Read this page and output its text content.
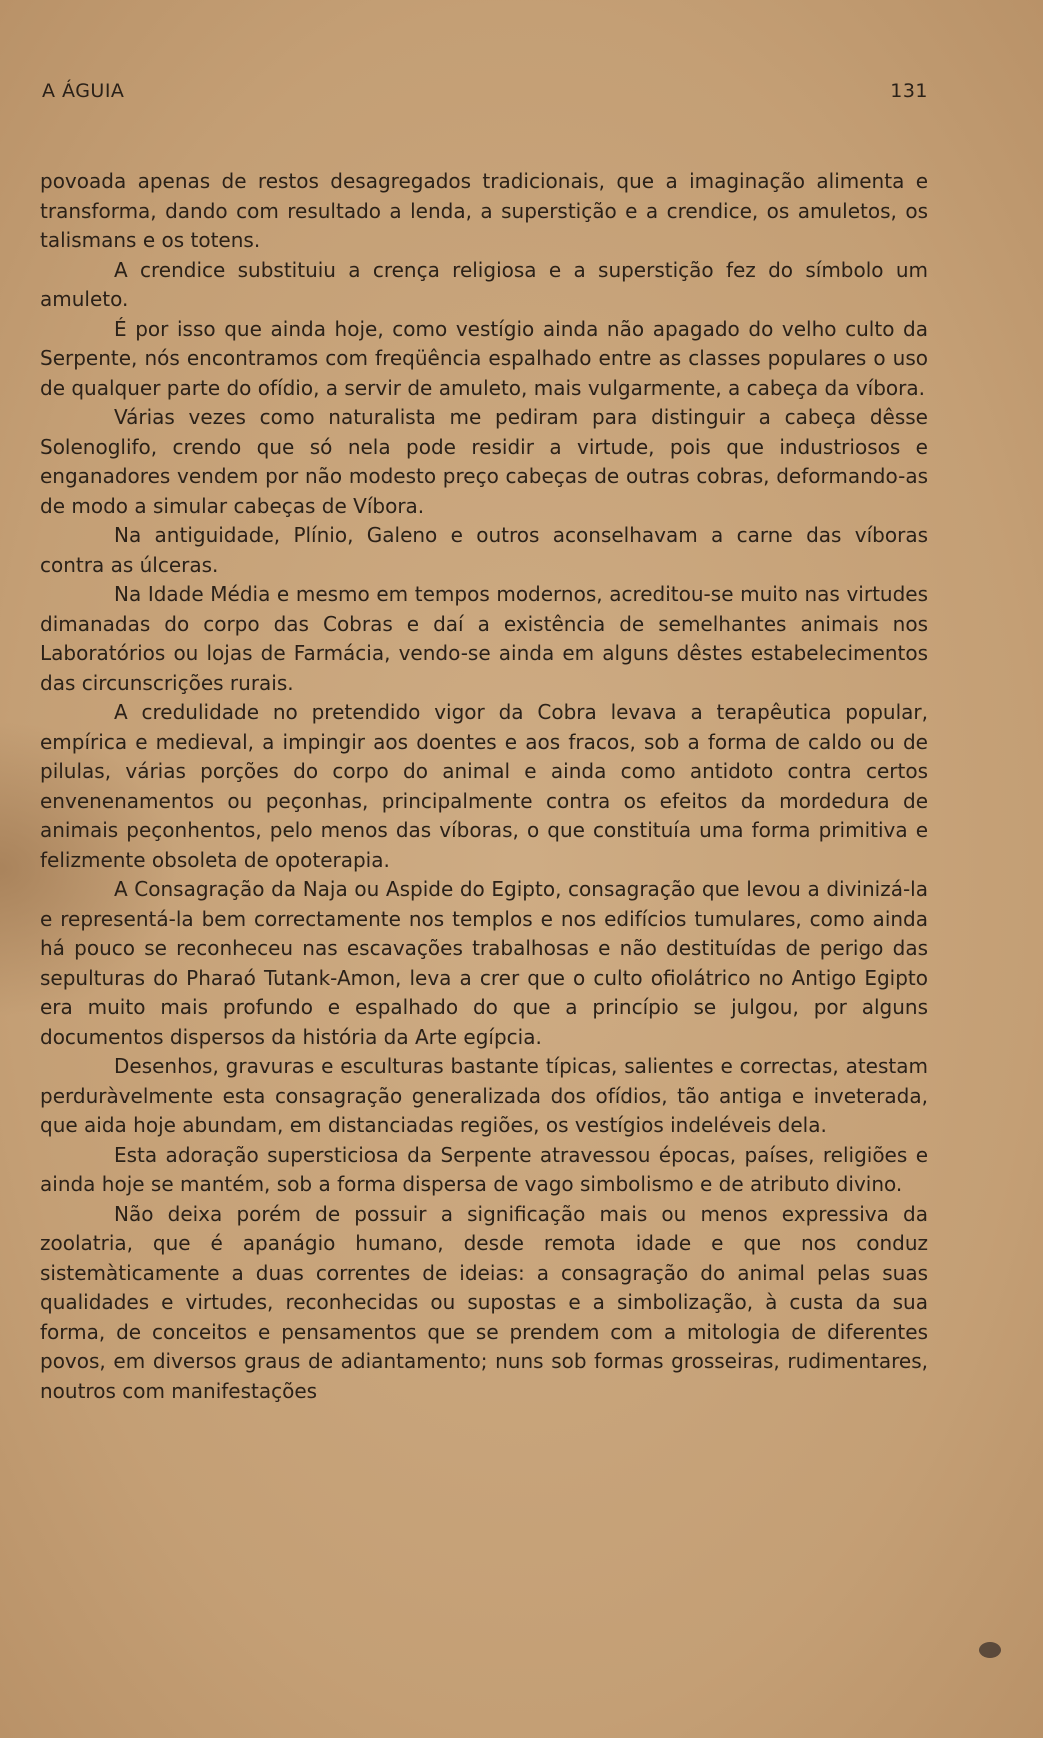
A ÁGUIA	131

povoada apenas de restos desagregados tradicionais, que a imaginação alimenta e transforma, dando com resultado a lenda, a superstição e a crendice, os amuletos, os talismans e os totens.

A crendice substituiu a crença religiosa e a superstição fez do símbolo um amuleto.

É por isso que ainda hoje, como vestígio ainda não apagado do velho culto da Serpente, nós encontramos com freqüência espalhado entre as classes populares o uso de qualquer parte do ofídio, a servir de amuleto, mais vulgarmente, a cabeça da víbora.

Várias vezes como naturalista me pediram para distinguir a cabeça dêsse Solenoglifo, crendo que só nela pode residir a virtude, pois que industriosos e enganadores vendem por não modesto preço cabeças de outras cobras, deformando-as de modo a simular cabeças de Víbora.

Na antiguidade, Plínio, Galeno e outros aconselhavam a carne das víboras contra as úlceras.

Na Idade Média e mesmo em tempos modernos, acreditou-se muito nas virtudes dimanadas do corpo das Cobras e daí a existência de semelhantes animais nos Laboratórios ou lojas de Farmácia, vendo-se ainda em alguns dêstes estabelecimentos das circunscrições rurais.

A credulidade no pretendido vigor da Cobra levava a terapêutica popular, empírica e medieval, a impingir aos doentes e aos fracos, sob a forma de caldo ou de pilulas, várias porções do corpo do animal e ainda como antidoto contra certos envenenamentos ou peçonhas, principalmente contra os efeitos da mordedura de animais peçonhentos, pelo menos das víboras, o que constituía uma forma primitiva e felizmente obsoleta de opoterapia.

A Consagração da Naja ou Aspide do Egipto, consagração que levou a divinizá-la e representá-la bem correctamente nos templos e nos edifícios tumulares, como ainda há pouco se reconheceu nas escavações trabalhosas e não destituídas de perigo das sepulturas do Pharaó Tutank-Amon, leva a crer que o culto ofiolátrico no Antigo Egipto era muito mais profundo e espalhado do que a princípio se julgou, por alguns documentos dispersos da história da Arte egípcia.

Desenhos, gravuras e esculturas bastante típicas, salientes e correctas, atestam perduràvelmente esta consagração generalizada dos ofídios, tão antiga e inveterada, que aida hoje abundam, em distanciadas regiões, os vestígios indeléveis dela.

Esta adoração supersticiosa da Serpente atravessou épocas, países, religiões e ainda hoje se mantém, sob a forma dispersa de vago simbolismo e de atributo divino.

Não deixa porém de possuir a significação mais ou menos expressiva da zoolatria, que é apanágio humano, desde remota idade e que nos conduz sistemàticamente a duas correntes de ideias: a consagração do animal pelas suas qualidades e virtudes, reconhecidas ou supostas e a simbolização, à custa da sua forma, de conceitos e pensamentos que se prendem com a mitologia de diferentes povos, em diversos graus de adiantamento; nuns sob formas grosseiras, rudimentares, noutros com manifestações
